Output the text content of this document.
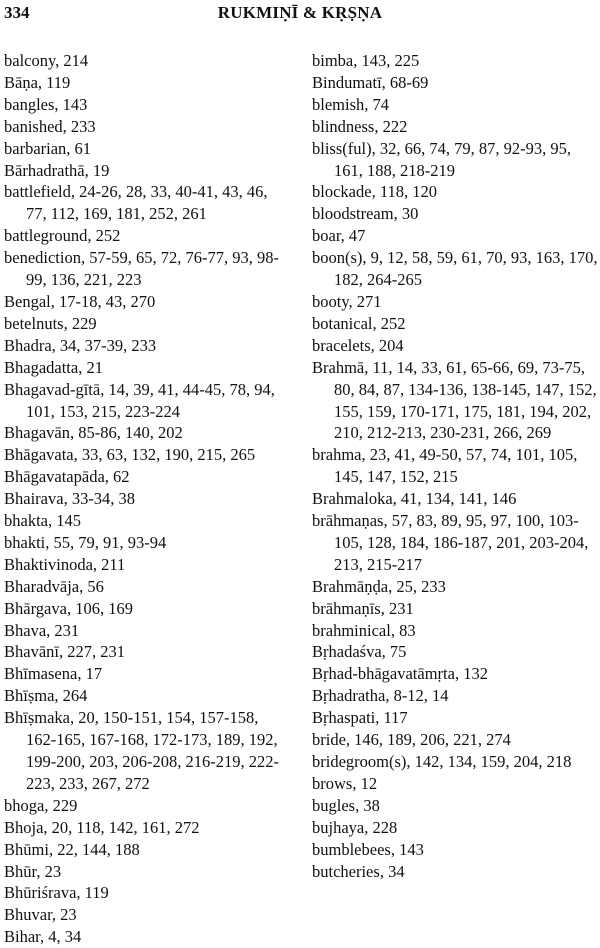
334	RUKMIṆĪ & KṚṢṆA
balcony, 214
Bāṇa, 119
bangles, 143
banished, 233
barbarian, 61
Bārhadrathā, 19
battlefield, 24-26, 28, 33, 40-41, 43, 46, 77, 112, 169, 181, 252, 261
battleground, 252
benediction, 57-59, 65, 72, 76-77, 93, 98-99, 136, 221, 223
Bengal, 17-18, 43, 270
betelnuts, 229
Bhadra, 34, 37-39, 233
Bhagadatta, 21
Bhagavad-gītā, 14, 39, 41, 44-45, 78, 94, 101, 153, 215, 223-224
Bhagavān, 85-86, 140, 202
Bhāgavata, 33, 63, 132, 190, 215, 265
Bhāgavatapāda, 62
Bhairava, 33-34, 38
bhakta, 145
bhakti, 55, 79, 91, 93-94
Bhaktivinoda, 211
Bharadvāja, 56
Bhārgava, 106, 169
Bhava, 231
Bhavānī, 227, 231
Bhīmasena, 17
Bhīṣma, 264
Bhīṣmaka, 20, 150-151, 154, 157-158, 162-165, 167-168, 172-173, 189, 192, 199-200, 203, 206-208, 216-219, 222-223, 233, 267, 272
bhoga, 229
Bhoja, 20, 118, 142, 161, 272
Bhūmi, 22, 144, 188
Bhūr, 23
Bhūriśrava, 119
Bhuvar, 23
Bihar, 4, 34
bimba, 143, 225
Bindumatī, 68-69
blemish, 74
blindness, 222
bliss(ful), 32, 66, 74, 79, 87, 92-93, 95, 161, 188, 218-219
blockade, 118, 120
bloodstream, 30
boar, 47
boon(s), 9, 12, 58, 59, 61, 70, 93, 163, 170, 182, 264-265
booty, 271
botanical, 252
bracelets, 204
Brahmā, 11, 14, 33, 61, 65-66, 69, 73-75, 80, 84, 87, 134-136, 138-145, 147, 152, 155, 159, 170-171, 175, 181, 194, 202, 210, 212-213, 230-231, 266, 269
brahma, 23, 41, 49-50, 57, 74, 101, 105, 145, 147, 152, 215
Brahmaloka, 41, 134, 141, 146
brāhmaṇas, 57, 83, 89, 95, 97, 100, 103-105, 128, 184, 186-187, 201, 203-204, 213, 215-217
Brahmāṇḍa, 25, 233
brāhmaṇīs, 231
brahminical, 83
Bṛhadaśva, 75
Bṛhad-bhāgavatāmṛta, 132
Bṛhadratha, 8-12, 14
Bṛhaspati, 117
bride, 146, 189, 206, 221, 274
bridegroom(s), 142, 134, 159, 204, 218
brows, 12
bugles, 38
bujhaya, 228
bumblebees, 143
butcheries, 34
